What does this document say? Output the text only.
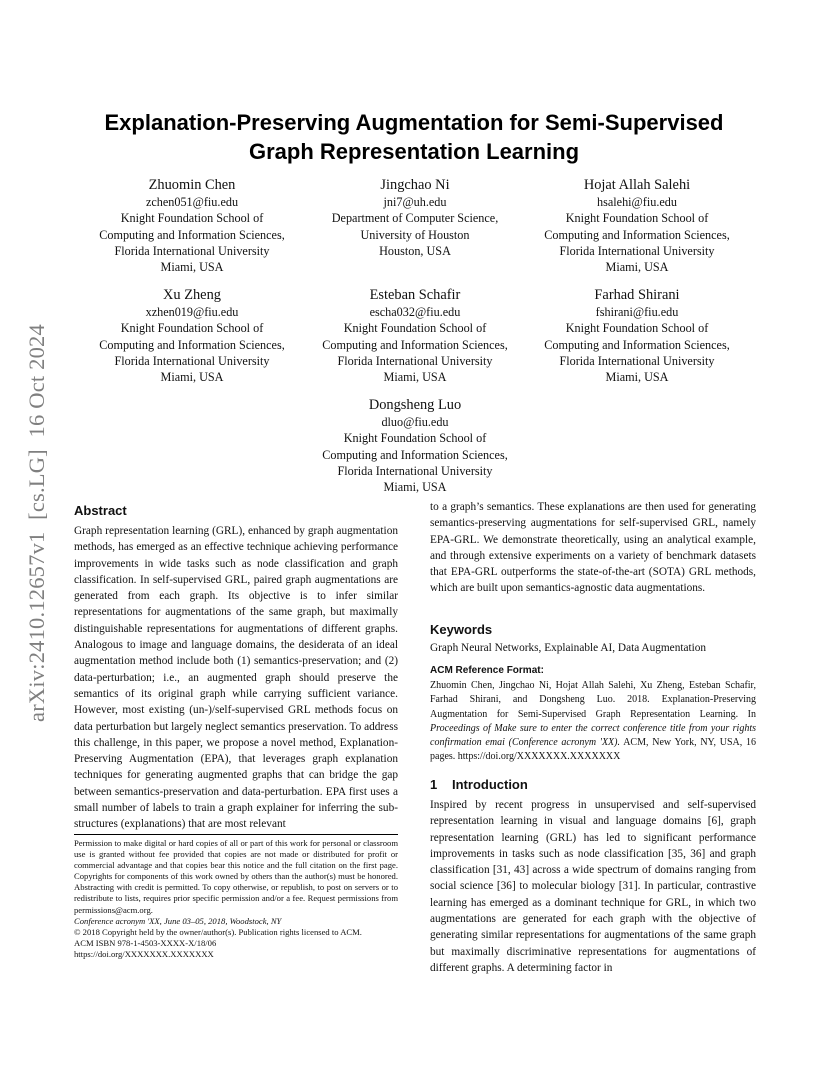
arXiv:2410.12657v1  [cs.LG]  16 Oct 2024
Explanation-Preserving Augmentation for Semi-Supervised
Graph Representation Learning
Zhuomin Chen
zchen051@fiu.edu
Knight Foundation School of
Computing and Information Sciences,
Florida International University
Miami, USA
Jingchao Ni
jni7@uh.edu
Department of Computer Science,
University of Houston
Houston, USA
Hojat Allah Salehi
hsalehi@fiu.edu
Knight Foundation School of
Computing and Information Sciences,
Florida International University
Miami, USA
Xu Zheng
xzhen019@fiu.edu
Knight Foundation School of
Computing and Information Sciences,
Florida International University
Miami, USA
Esteban Schafir
escha032@fiu.edu
Knight Foundation School of
Computing and Information Sciences,
Florida International University
Miami, USA
Farhad Shirani
fshirani@fiu.edu
Knight Foundation School of
Computing and Information Sciences,
Florida International University
Miami, USA
Dongsheng Luo
dluo@fiu.edu
Knight Foundation School of
Computing and Information Sciences,
Florida International University
Miami, USA
Abstract

Graph representation learning (GRL), enhanced by graph augmentation methods, has emerged as an effective technique achieving performance improvements in wide tasks such as node classification and graph classification. In self-supervised GRL, paired graph augmentations are generated from each graph. Its objective is to infer similar representations for augmentations of the same graph, but maximally distinguishable representations for augmentations of different graphs. Analogous to image and language domains, the desiderata of an ideal augmentation method include both (1) semantics-preservation; and (2) data-perturbation; i.e., an augmented graph should preserve the semantics of its original graph while carrying sufficient variance. However, most existing (un-)/self-supervised GRL methods focus on data perturbation but largely neglect semantics preservation. To address this challenge, in this paper, we propose a novel method, Explanation-Preserving Augmentation (EPA), that leverages graph explanation techniques for generating augmented graphs that can bridge the gap between semantics-preservation and data-perturbation. EPA first uses a small number of labels to train a graph explainer for inferring the sub-structures (explanations) that are most relevant

to a graph’s semantics. These explanations are then used for generating semantics-preserving augmentations for self-supervised GRL, namely EPA-GRL. We demonstrate theoretically, using an analytical example, and through extensive experiments on a variety of benchmark datasets that EPA-GRL outperforms the state-of-the-art (SOTA) GRL methods, which are built upon semantics-agnostic data augmentations.

Keywords
Graph Neural Networks, Explainable AI, Data Augmentation
ACM Reference Format:
Zhuomin Chen, Jingchao Ni, Hojat Allah Salehi, Xu Zheng, Esteban Schafir, Farhad Shirani, and Dongsheng Luo. 2018. Explanation-Preserving Augmentation for Semi-Supervised Graph Representation Learning. In Proceedings of Make sure to enter the correct conference title from your rights confirmation emai (Conference acronym 'XX). ACM, New York, NY, USA, 16 pages. https://doi.org/XXXXXXX.XXXXXXX
1 Introduction

Inspired by recent progress in unsupervised and self-supervised representation learning in visual and language domains [6], graph representation learning (GRL) has led to significant performance improvements in tasks such as node classification [35, 36] and graph classification [31, 43] across a wide spectrum of domains ranging from social science [36] to molecular biology [31]. In particular, contrastive learning has emerged as a dominant technique for GRL, in which two augmentations are generated for each graph with the objective of generating similar representations for augmentations of the same graph but maximally discriminative representations for augmentations of different graphs. A determining factor in

Permission to make digital or hard copies of all or part of this work for personal or classroom use is granted without fee provided that copies are not made or distributed for profit or commercial advantage and that copies bear this notice and the full citation on the first page. Copyrights for components of this work owned by others than the author(s) must be honored. Abstracting with credit is permitted. To copy otherwise, or republish, to post on servers or to redistribute to lists, requires prior specific permission and/or a fee. Request permissions from permissions@acm.org.

Conference acronym 'XX, June 03–05, 2018, Woodstock, NY

© 2018 Copyright held by the owner/author(s). Publication rights licensed to ACM.

ACM ISBN 978-1-4503-XXXX-X/18/06

https://doi.org/XXXXXXX.XXXXXXX
